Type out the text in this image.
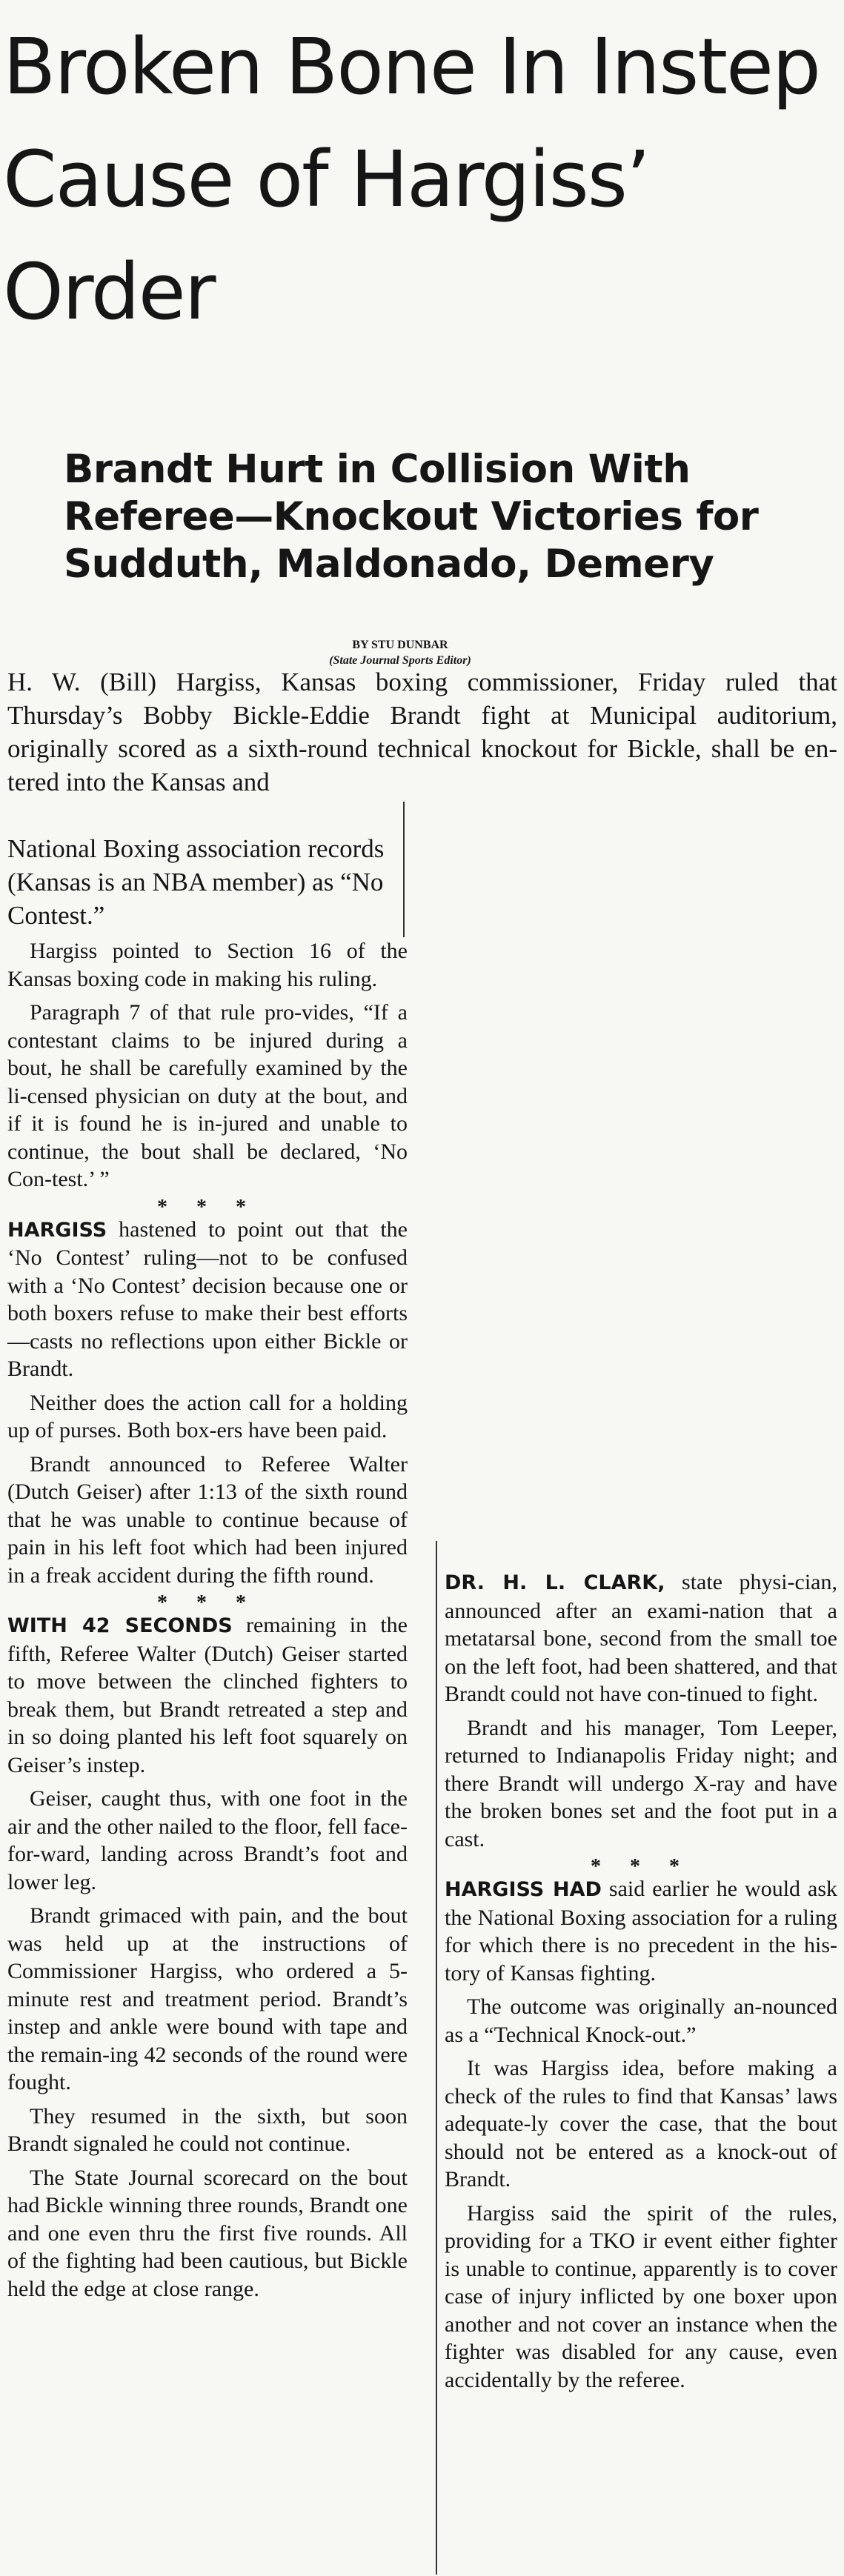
Broken Bone In Instep Cause of Hargiss’ Order
Brandt Hurt in Collision With Referee—Knockout Victories for Sudduth, Maldonado, Demery
BY STU DUNBAR
(State Journal Sports Editor)

H. W. (Bill) Hargiss, Kansas boxing commissioner, Friday ruled that Thursday’s Bobby Bickle-Eddie Brandt fight at Municipal auditorium, originally scored as a sixth-round technical knockout for Bickle, shall be en-tered into the Kansas and

National Boxing association records (Kansas is an NBA member) as “No Contest.”

Hargiss pointed to Section 16 of the Kansas boxing code in making his ruling.

Paragraph 7 of that rule pro-vides, “If a contestant claims to be injured during a bout, he shall be carefully examined by the li-censed physician on duty at the bout, and if it is found he is in-jured and unable to continue, the bout shall be declared, ‘No Con-test.’ ”

* * *

HARGISS hastened to point out that the ‘No Contest’ ruling—not to be confused with a ‘No Contest’ decision because one or both boxers refuse to make their best efforts—casts no reflections upon either Bickle or Brandt.

Neither does the action call for a holding up of purses. Both box-ers have been paid.

Brandt announced to Referee Walter (Dutch Geiser) after 1:13 of the sixth round that he was unable to continue because of pain in his left foot which had been injured in a freak accident during the fifth round.

* * *

WITH 42 SECONDS remaining in the fifth, Referee Walter (Dutch) Geiser started to move between the clinched fighters to break them, but Brandt retreated a step and in so doing planted his left foot squarely on Geiser’s instep.

Geiser, caught thus, with one foot in the air and the other nailed to the floor, fell face-for-ward, landing across Brandt’s foot and lower leg.

Brandt grimaced with pain, and the bout was held up at the instructions of Commissioner Hargiss, who ordered a 5-minute rest and treatment period. Brandt’s instep and ankle were bound with tape and the remain-ing 42 seconds of the round were fought.

They resumed in the sixth, but soon Brandt signaled he could not continue.

The State Journal scorecard on the bout had Bickle winning three rounds, Brandt one and one even thru the first five rounds. All of the fighting had been cautious, but Bickle held the edge at close range.

DR. H. L. CLARK, state physi-cian, announced after an exami-nation that a metatarsal bone, second from the small toe on the left foot, had been shattered, and that Brandt could not have con-tinued to fight.

Brandt and his manager, Tom Leeper, returned to Indianapolis Friday night; and there Brandt will undergo X-ray and have the broken bones set and the foot put in a cast.

* * *

HARGISS HAD said earlier he would ask the National Boxing association for a ruling for which there is no precedent in the his-tory of Kansas fighting.

The outcome was originally an-nounced as a “Technical Knock-out.”

It was Hargiss idea, before making a check of the rules to find that Kansas’ laws adequate-ly cover the case, that the bout should not be entered as a knock-out of Brandt.

Hargiss said the spirit of the rules, providing for a TKO ir event either fighter is unable to continue, apparently is to cover case of injury inflicted by one boxer upon another and not cover an instance when the fighter was disabled for any cause, even accidentally by the referee.
